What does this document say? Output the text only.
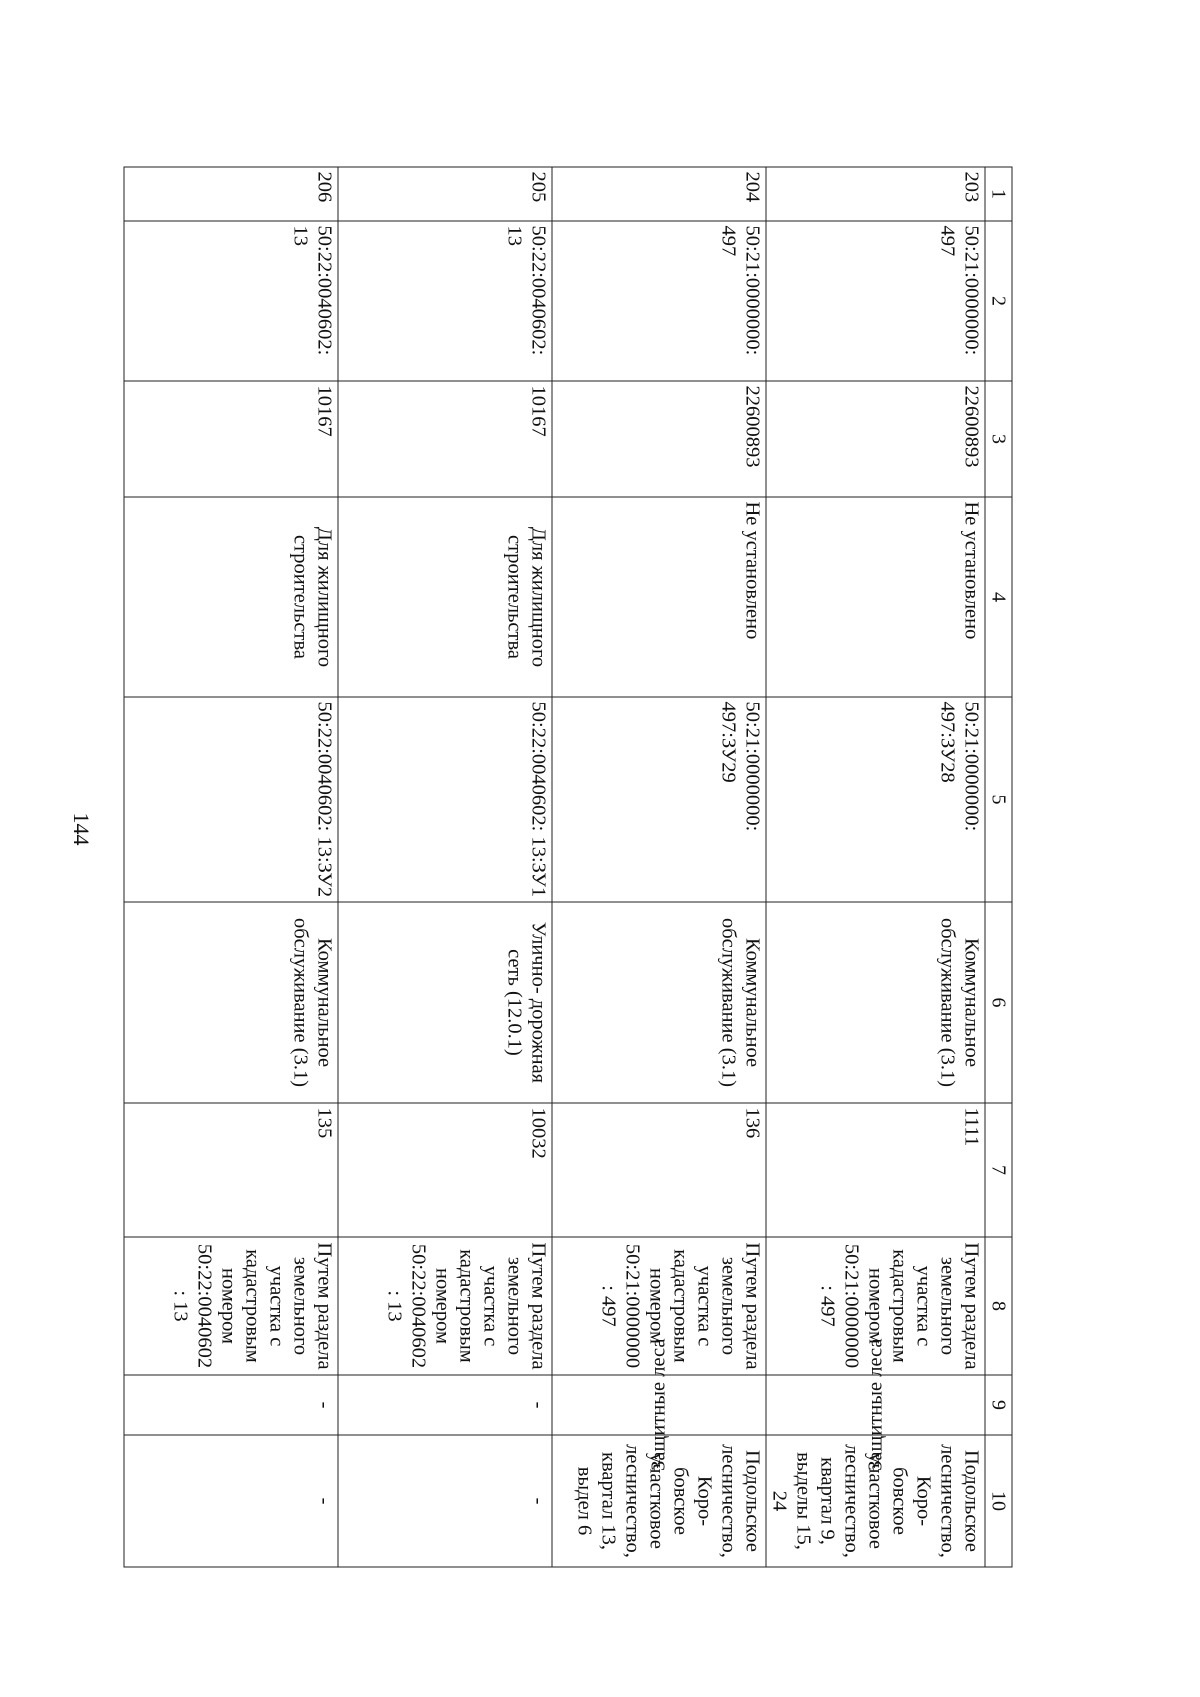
144
1	2	3	4	5	6	7	8	9	10
203	50:21:0000000: 497	22600893	Не установлено	50:21:0000000: 497:ЗУ28	Коммунальное обслуживание (3.1)	1111	Путем раздела земельного участка с кадастровым номером 50:21:0000000: 497	Защитные леса	Подольское лесничество, Коро- бовское участковое лесничество, квартал 9, выделы 15, 24
204	50:21:0000000: 497	22600893	Не установлено	50:21:0000000: 497:ЗУ29	Коммунальное обслуживание (3.1)	136	Путем раздела земельного участка с кадастровым номером 50:21:0000000: 497	Защитные леса	Подольское лесничество, Коро- бовское участковое лесничество, квартал 13, выдел 6
205	50:22:0040602: 13	10167	Для жилищного строительства	50:22:0040602: 13:ЗУ1	Улично- дорожная сеть (12.0.1)	10032	Путем раздела земельного участка с кадастровым номером 50:22:0040602: 13	-	-
206	50:22:0040602: 13	10167	Для жилищного строительства	50:22:0040602: 13:ЗУ2	Коммунальное обслуживание (3.1)	135	Путем раздела земельного участка с кадастровым номером 50:22:0040602: 13	-	-
